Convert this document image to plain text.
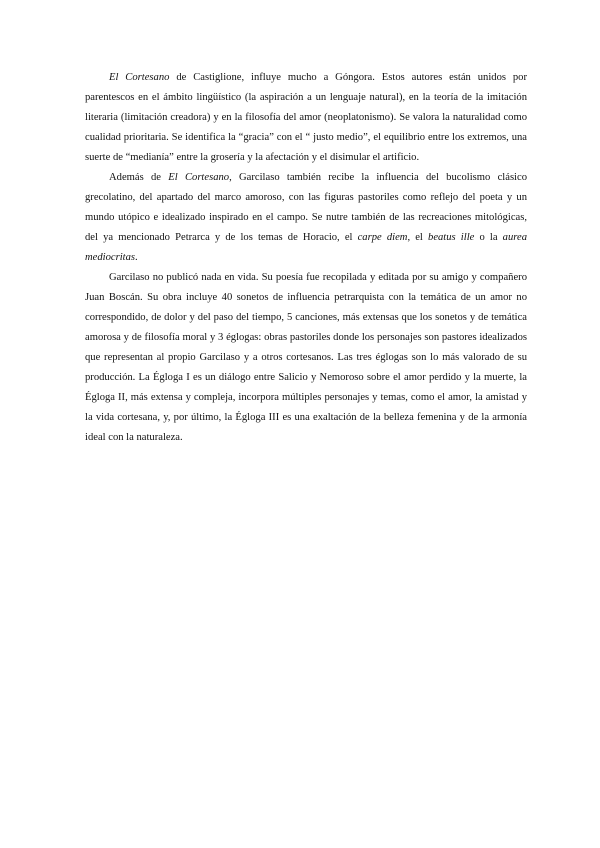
El Cortesano de Castiglione, influye mucho a Góngora. Estos autores están unidos por parentescos en el ámbito lingüístico (la aspiración a un lenguaje natural), en la teoría de la imitación literaria (limitación creadora) y en la filosofía del amor (neoplatonismo). Se valora la naturalidad como cualidad prioritaria. Se identifica la “gracia” con el “ justo medio”, el equilibrio entre los extremos, una suerte de “medianía” entre la grosería y la afectación y el disimular el artificio.

Además de El Cortesano, Garcilaso también recibe la influencia del bucolismo clásico grecolatino, del apartado del marco amoroso, con las figuras pastoriles como reflejo del poeta y un mundo utópico e idealizado inspirado en el campo. Se nutre también de las recreaciones mitológicas, del ya mencionado Petrarca y de los temas de Horacio, el carpe diem, el beatus ille o la aurea mediocritas.

Garcilaso no publicó nada en vida. Su poesía fue recopilada y editada por su amigo y compañero Juan Boscán. Su obra incluye 40 sonetos de influencia petrarquista con la temática de un amor no correspondido, de dolor y del paso del tiempo, 5 canciones, más extensas que los sonetos y de temática amorosa y de filosofía moral y 3 églogas: obras pastoriles donde los personajes son pastores idealizados que representan al propio Garcilaso y a otros cortesanos. Las tres églogas son lo más valorado de su producción. La Égloga I es un diálogo entre Salicio y Nemoroso sobre el amor perdido y la muerte, la Égloga II, más extensa y compleja, incorpora múltiples personajes y temas, como el amor, la amistad y la vida cortesana, y, por último, la Égloga III es una exaltación de la belleza femenina y de la armonía ideal con la naturaleza.
